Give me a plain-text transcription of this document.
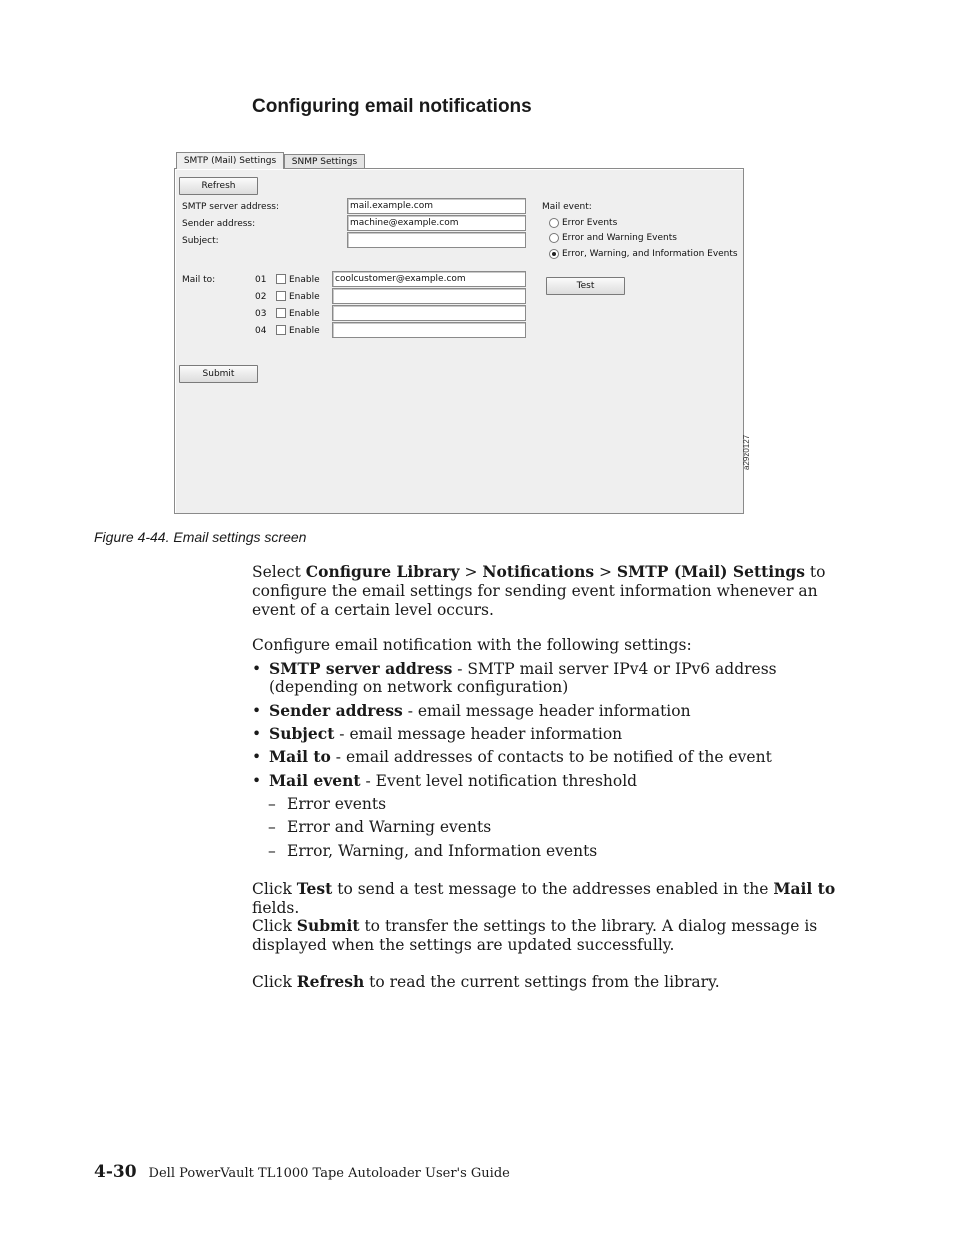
Configuring email notifications
SMTP (Mail) Settings	SNMP Settings
Refresh
SMTP server address:	mail.example.com
Sender address:	machine@example.com
Subject:
Mail to:	01	Enable	coolcustomer@example.com
02	Enable
03	Enable
04	Enable
Mail event:
Error Events
Error and Warning Events
Error, Warning, and Information Events
Test
Submit
a29z0127
Figure 4-44. Email settings screen

Select Configure Library > Notifications > SMTP (Mail) Settings to configure the email settings for sending event information whenever an event of a certain level occurs.

Configure email notification with the following settings:

• SMTP server address - SMTP mail server IPv4 or IPv6 address (depending on network configuration)
• Sender address - email message header information
• Subject - email message header information
• Mail to - email addresses of contacts to be notified of the event
• Mail event - Event level notification threshold
– Error events
– Error and Warning events
– Error, Warning, and Information events

Click Test to send a test message to the addresses enabled in the Mail to fields.

Click Submit to transfer the settings to the library. A dialog message is displayed when the settings are updated successfully.

Click Refresh to read the current settings from the library.

4-30 Dell PowerVault TL1000 Tape Autoloader User's Guide
